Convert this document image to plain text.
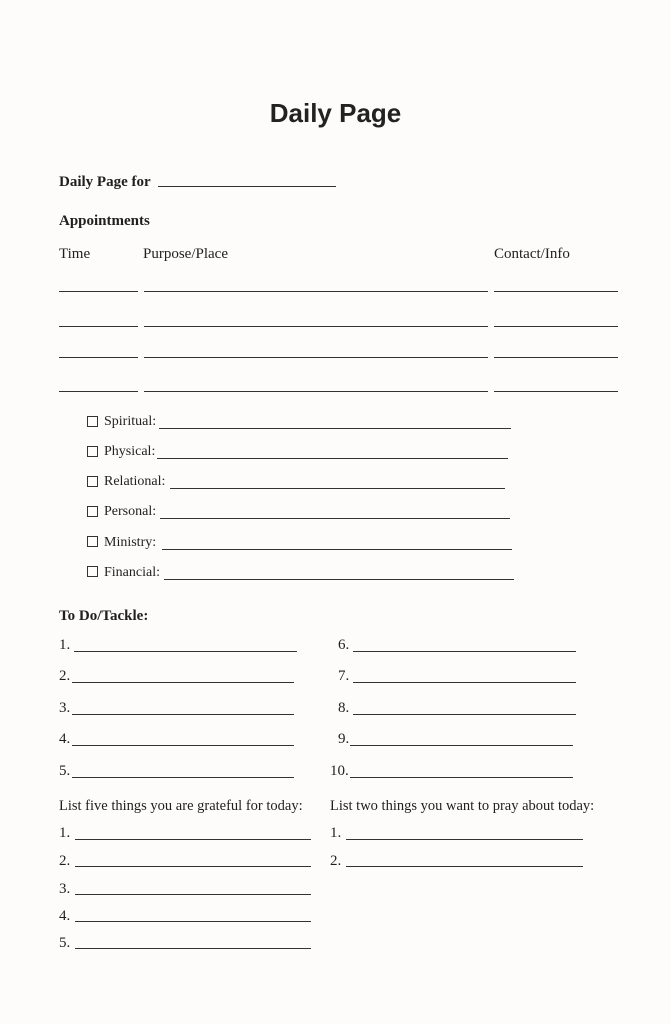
Daily Page
Daily Page for
Appointments
Time	Purpose/Place	Contact/Info
Spiritual:
Physical:
Relational:
Personal:
Ministry:
Financial:
To Do/Tackle:
1.
2.
3.
4.
5.
6.
7.
8.
9.
10.
List five things you are grateful for today: List two things you want to pray about today:
1.
2.
3.
4.
5.
1.
2.
